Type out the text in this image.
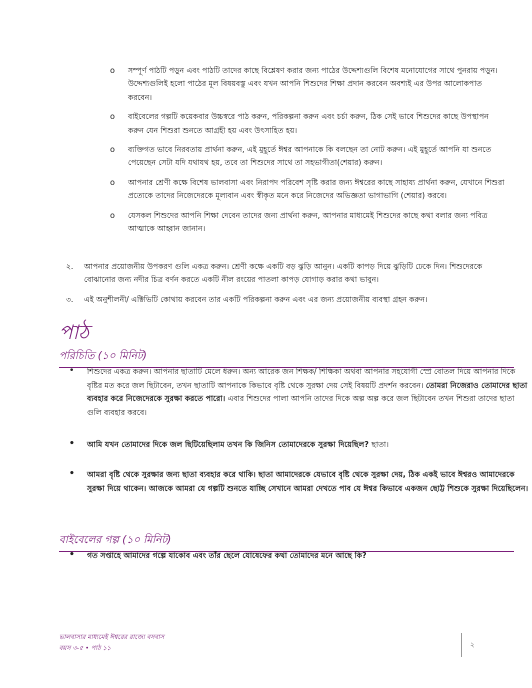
o সম্পূর্ণ পাঠটি পড়ুন এবং পাঠটি তাদের কাছে বিশ্লেষণ করার জন্য পাঠের উদ্দেশ্যগুলি বিশেষ মনোযোগের সাথে পুনরায় পড়ুন। উদ্দেশ্যগুলিই হলো পাঠের মূল বিষয়বস্তু এবং যখন আপনি শিশুদের শিক্ষা প্রদান করবেন অবশ্যই এর উপর আলোকপাত করবেন।
o বাইবেলের গল্পটি কয়েকবার উচ্চস্বরে পাঠ করুন, পরিকল্পনা করুন এবং চর্চা করুন, ঠিক সেই ভাবে শিশুদের কাছে উপস্থাপন করুন যেন শিশুরা শুনতে আগ্রহী হয় এবং উৎসাহিত হয়।
o ব্যক্তিগত ভাবে নিরবতায় প্রার্থনা করুন, এই মুহূর্তে ঈশ্বর আপনাকে কি বলছেন তা নোট করুন। এই মুহূর্তে আপনি যা শুনতে পেয়েছেন সেটা যদি যথাযথ হয়, তবে তা শিশুদের সাথে তা সহভাগীতা(শেয়ার) করুন।
o আপনার শ্রেণী কক্ষে বিশেষ ভালবাসা এবং নিরাপদ পরিবেশ সৃষ্টি করার জন্য ঈশ্বরের কাছে সাহায্য প্রার্থনা করুন, যেখানে শিশুরা প্রত্যেকে তাদের নিজেদেরকে মূল্যবান এবং স্বীকৃত মনে করে নিজেদের অভিজ্ঞতা ভাগাভাগি (শেয়ার) করবে।
o যেসকল শিশুদের আপনি শিক্ষা দেবেন তাদের জন্য প্রার্থনা করুন, আপনার মাধ্যমেই শিশুদের কাছে কথা বলার জন্য পবিত্র আত্মাকে আহ্বান জানান।
২. আপনার প্রয়োজনীয় উপকরণ গুলি একত্র করুন। শ্রেণী কক্ষে একটি বড় ঝুড়ি আনুন। একটি কাপড় দিয়ে ঝুড়িটি ঢেকে দিন। শিশুদেরকে বোঝানোর জন্য নদীর চিত্র বর্ণন করতে একটি নীল রংয়ের পাতলা কাপড় যোগাড় করার কথা ভাবুন।
৩. এই অনুশীলনী/ এক্টিভিটি কোথায় করবেন তার একটি পরিকল্পনা করুন এবং এর জন্য প্রয়োজনীয় ব্যবস্থা গ্রহন করুন।
পাঠ
পরিচিতি (১০ মিনিট)
• শিশুদের একত্র করুন। আপনার ছাতাটি মেলে ধরুন। অন্য আরেক জন শিক্ষক/ শিক্ষিকা অথবা আপনার সহযোগী স্প্রে বোতল দিয়ে আপনার দিকে বৃষ্টির মত করে জল ছিটাবেন, তখন ছাতাটি আপনাকে কিভাবে বৃষ্টি থেকে সুরক্ষা দেয় সেই বিষয়টি প্রদর্শন করবেন। তোমরা নিজেরাও তোমাদের ছাতা ব্যবহার করে নিজেদেরকে সুরক্ষা করতে পারো। এবার শিশুদের পালা আপনি তাদের দিকে অল্প অল্প করে জল ছিটাবেন তখন শিশুরা তাদের ছাতা গুলি ব্যবহার করবে।
• আমি যখন তোমাদের দিকে জল ছিটিয়েছিলাম তখন কি জিনিস তোমাদেরকে সুরক্ষা দিয়েছিল? ছাতা।
• আমরা বৃষ্টি থেকে সুরক্ষার জন্য ছাতা ব্যবহার করে থাকি। ছাতা আমাদেরকে যেভাবে বৃষ্টি থেকে সুরক্ষা দেয়, ঠিক একই ভাবে ঈশ্বরও আমাদেরকে সুরক্ষা দিয়ে থাকেন। আজকে আমরা যে গল্পটি শুনতে যাচ্ছি সেখানে আমরা দেখতে পাব যে ঈশ্বর কিভাবে একজন ছোট্ট শিশুকে সুরক্ষা দিয়েছিলেন।
বাইবেলের গল্প (১০ মিনিট)
• গত সপ্তাহে আমাদের গল্পে যাকোব এবং তাঁর ছেলে যোষেফের কথা তোমাদের মনে আছে কি?
ভালবাসার মাধ্যমেই ঈশ্বরের রাজ্যে বসবাস
বয়স ৩-৫ • পাঠ ১১	২
